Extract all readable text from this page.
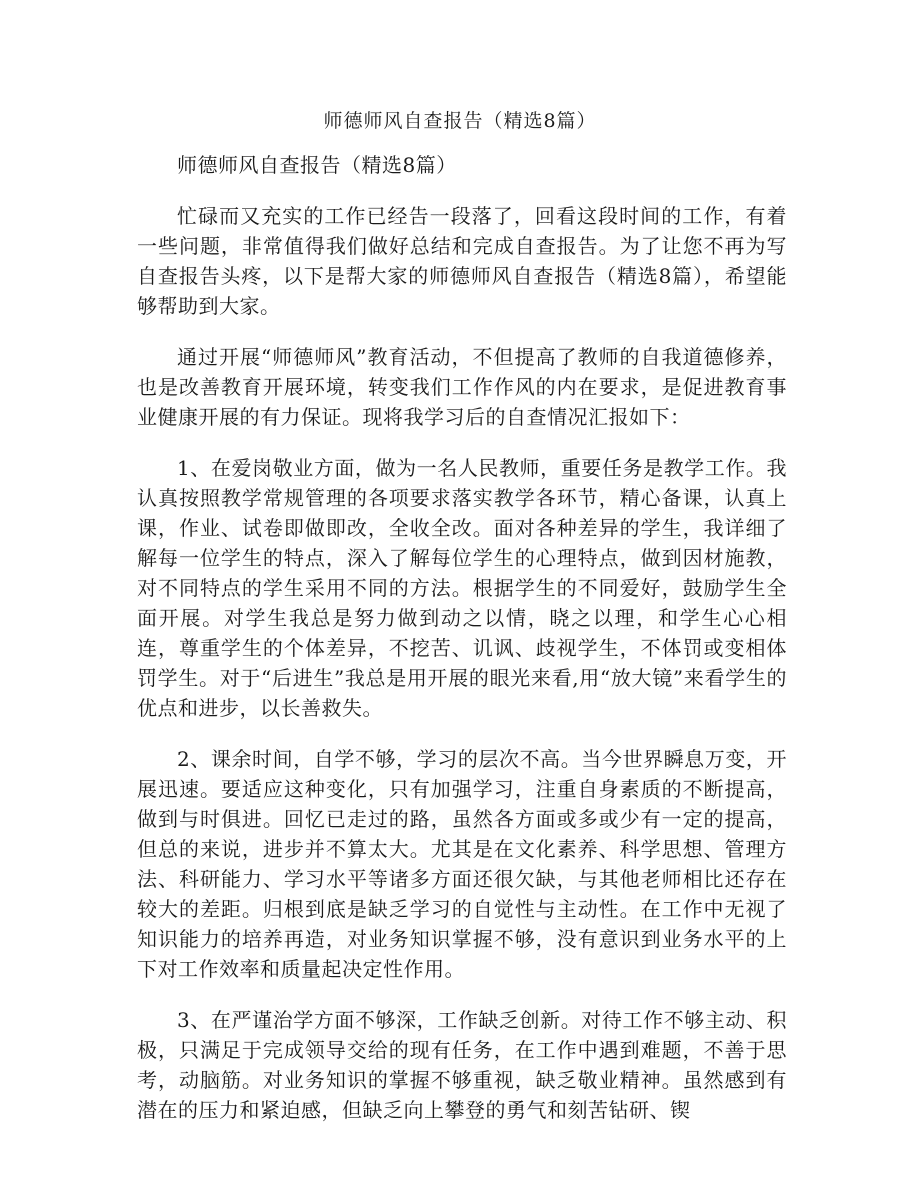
师德师风自查报告（精选8篇）

师德师风自查报告（精选8篇）

忙碌而又充实的工作已经告一段落了，回看这段时间的工作，有着一些问题，非常值得我们做好总结和完成自查报告。为了让您不再为写自查报告头疼，以下是帮大家的师德师风自查报告（精选8篇），希望能够帮助到大家。

通过开展“师德师风”教育活动，不但提高了教师的自我道德修养，也是改善教育开展环境，转变我们工作作风的内在要求，是促进教育事业健康开展的有力保证。现将我学习后的自查情况汇报如下：

1、在爱岗敬业方面，做为一名人民教师，重要任务是教学工作。我认真按照教学常规管理的各项要求落实教学各环节，精心备课，认真上课，作业、试卷即做即改，全收全改。面对各种差异的学生，我详细了解每一位学生的特点，深入了解每位学生的心理特点，做到因材施教，对不同特点的学生采用不同的方法。根据学生的不同爱好，鼓励学生全面开展。对学生我总是努力做到动之以情，晓之以理，和学生心心相连，尊重学生的个体差异，不挖苦、讥讽、歧视学生，不体罚或变相体罚学生。对于“后进生”我总是用开展的眼光来看,用“放大镜”来看学生的优点和进步，以长善救失。

2、课余时间，自学不够，学习的层次不高。当今世界瞬息万变，开展迅速。要适应这种变化，只有加强学习，注重自身素质的不断提高，做到与时俱进。回忆已走过的路，虽然各方面或多或少有一定的提高，但总的来说，进步并不算太大。尤其是在文化素养、科学思想、管理方法、科研能力、学习水平等诸多方面还很欠缺，与其他老师相比还存在较大的差距。归根到底是缺乏学习的自觉性与主动性。在工作中无视了知识能力的培养再造，对业务知识掌握不够，没有意识到业务水平的上下对工作效率和质量起决定性作用。

3、在严谨治学方面不够深，工作缺乏创新。对待工作不够主动、积极，只满足于完成领导交给的现有任务，在工作中遇到难题，不善于思考，动脑筋。对业务知识的掌握不够重视，缺乏敬业精神。虽然感到有潜在的压力和紧迫感，但缺乏向上攀登的勇气和刻苦钻研、锲
